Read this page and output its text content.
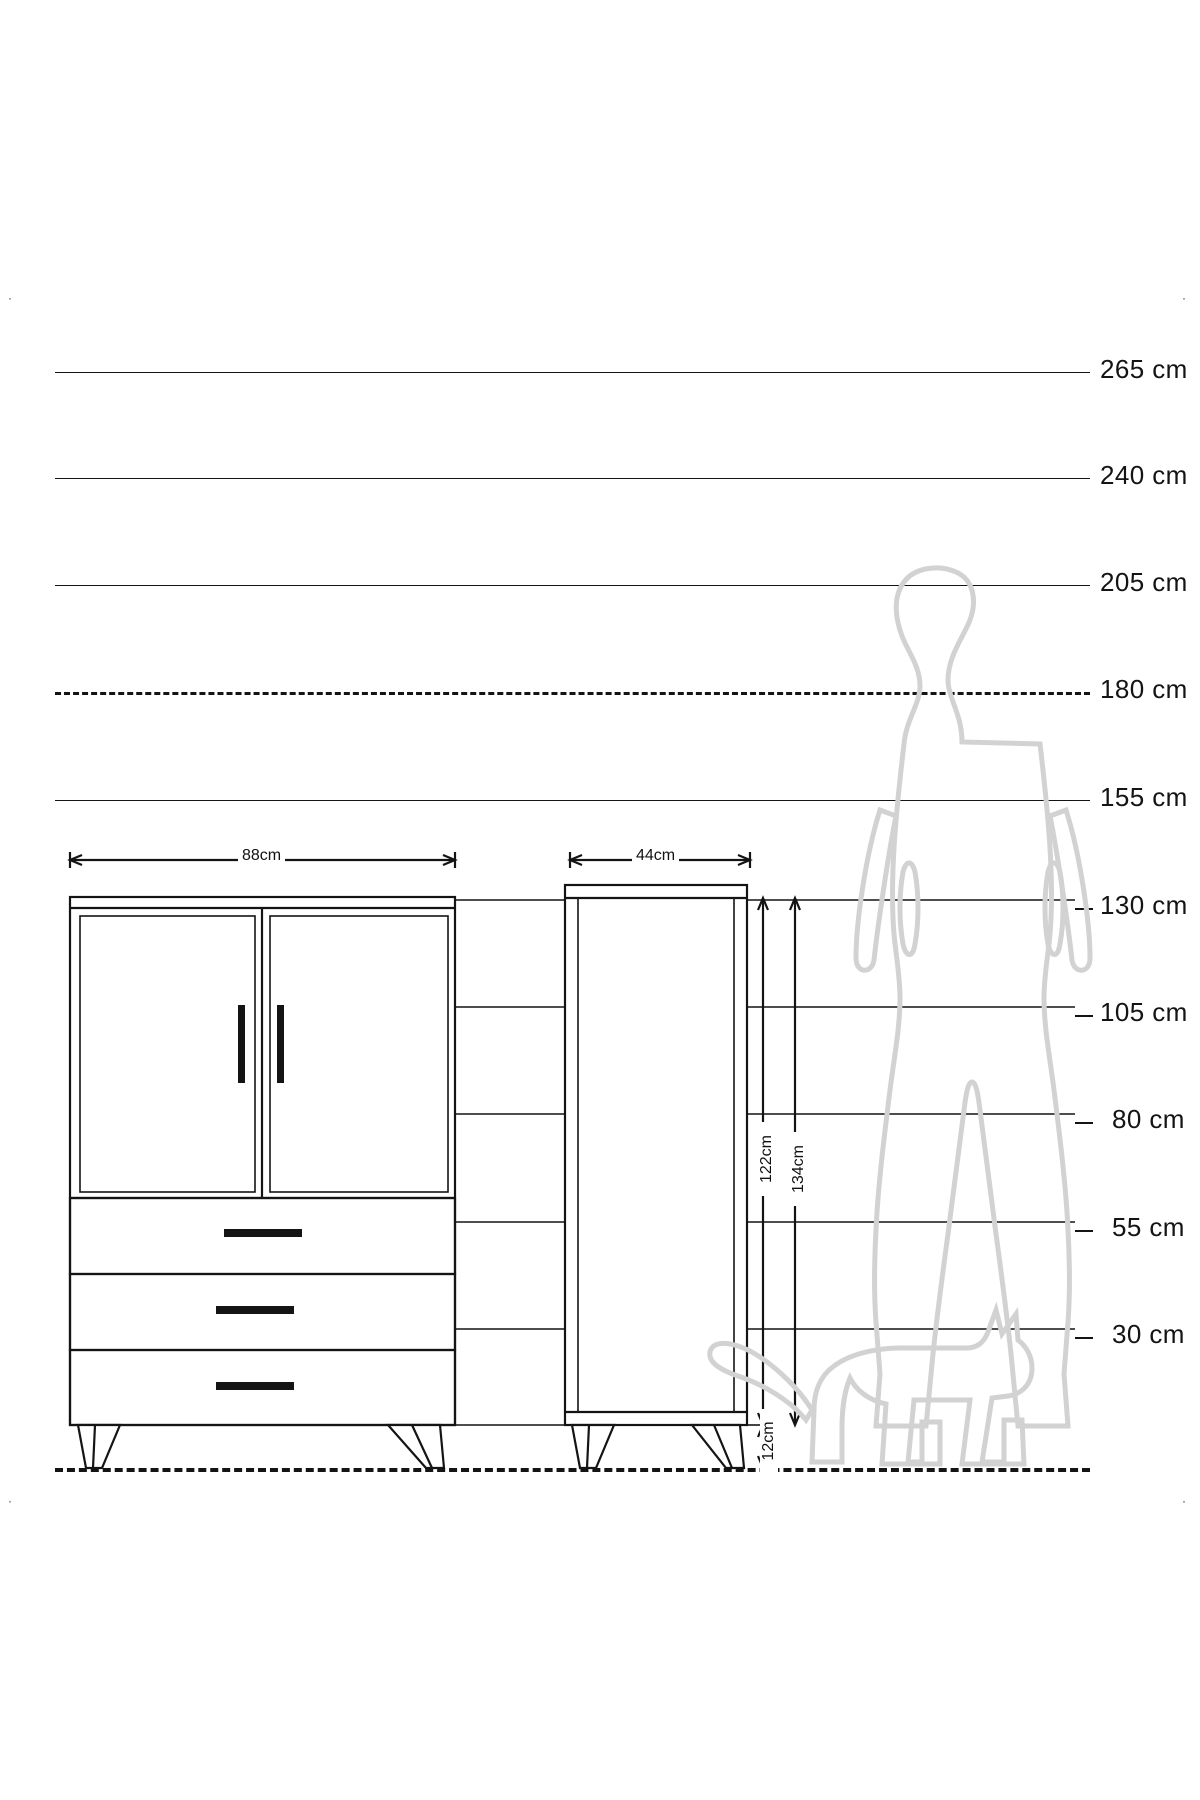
·	·
·	·
265 cm
240 cm
205 cm
180 cm
155 cm
130 cm
105 cm
80 cm
55 cm
30 cm
88cm	44cm
122cm 134cm
12cm
